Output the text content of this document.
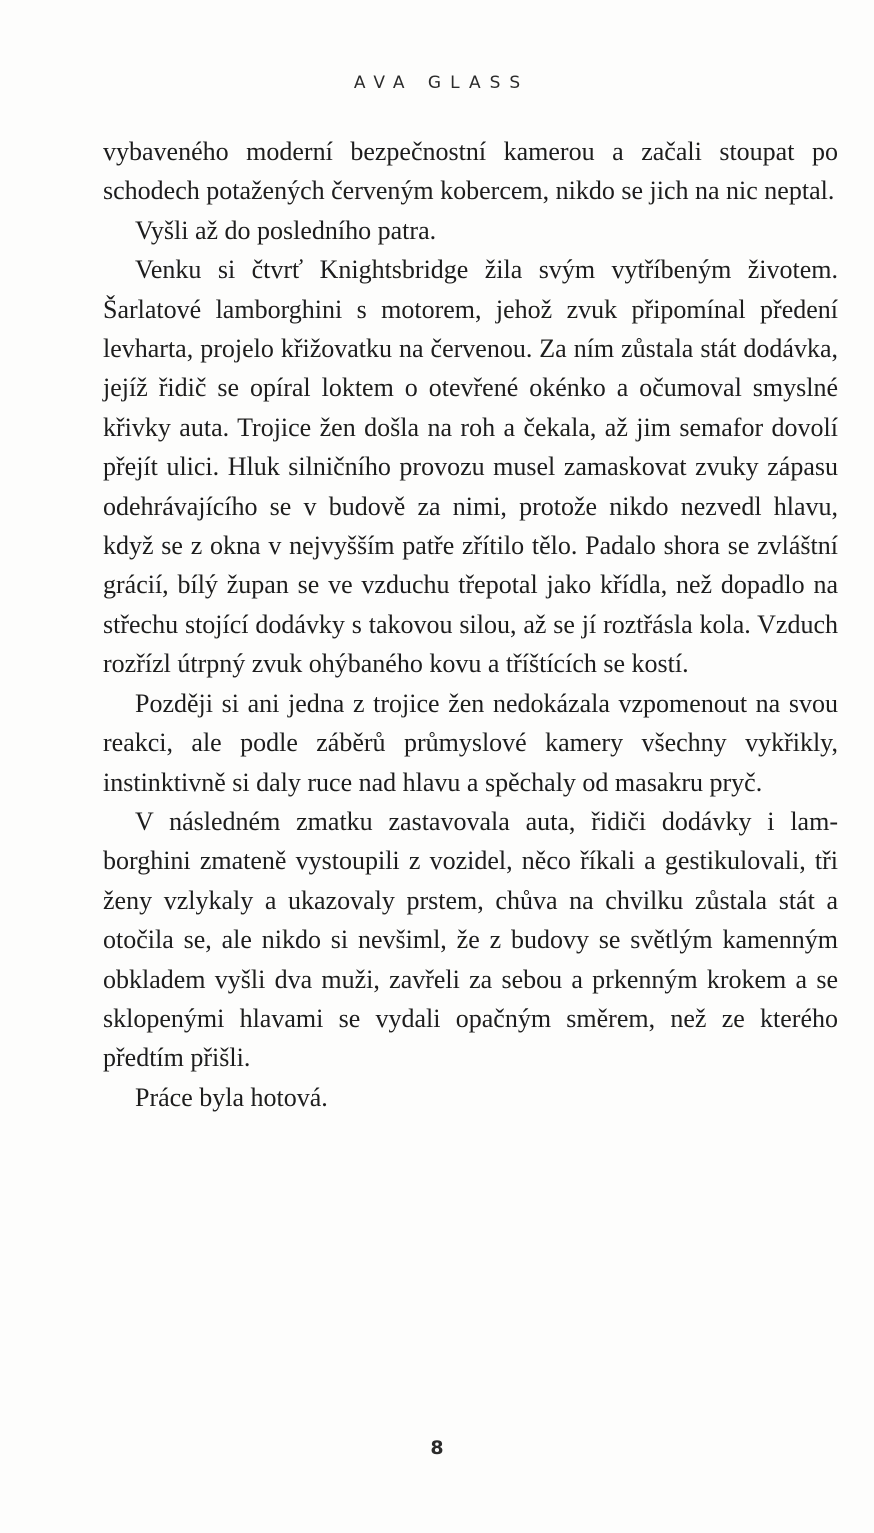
AVA GLASS

vybaveného moderní bezpečnostní kamerou a začali stoupat po schodech potažených červeným kobercem, nikdo se jich na nic neptal.

Vyšli až do posledního patra.

Venku si čtvrť Knightsbridge žila svým vytříbeným životem. Šarlatové lamborghini s motorem, jehož zvuk připomínal předení levharta, projelo křižovatku na červenou. Za ním zůstala stát dodávka, jejíž řidič se opíral loktem o otevřené okénko a očumoval smyslné křivky auta. Trojice žen došla na roh a čekala, až jim semafor dovolí přejít ulici. Hluk silničního provozu musel zamaskovat zvuky zápasu odehrávajícího se v budově za nimi, protože nikdo nezvedl hlavu, když se z okna v nejvyšším patře zřítilo tělo. Padalo shora se zvláštní grácií, bílý župan se ve vzduchu třepotal jako křídla, než dopadlo na střechu stojící dodávky s takovou silou, až se jí roztřásla kola. Vzduch rozřízl útrpný zvuk ohýbaného kovu a tříštících se kostí.

Později si ani jedna z trojice žen nedokázala vzpomenout na svou reakci, ale podle záběrů průmyslové kamery všechny vykřikly, instinktivně si daly ruce nad hlavu a spěchaly od masakru pryč.

V následném zmatku zastavovala auta, řidiči dodávky i lamborghini zmateně vystoupili z vozidel, něco říkali a gestikulovali, tři ženy vzlykaly a ukazovaly prstem, chůva na chvilku zůstala stát a otočila se, ale nikdo si nevšiml, že z budovy se světlým kamenným obkladem vyšli dva muži, zavřeli za sebou a prkenným krokem a se sklopenými hlavami se vydali opačným směrem, než ze kterého předtím přišli.

Práce byla hotová.

8
